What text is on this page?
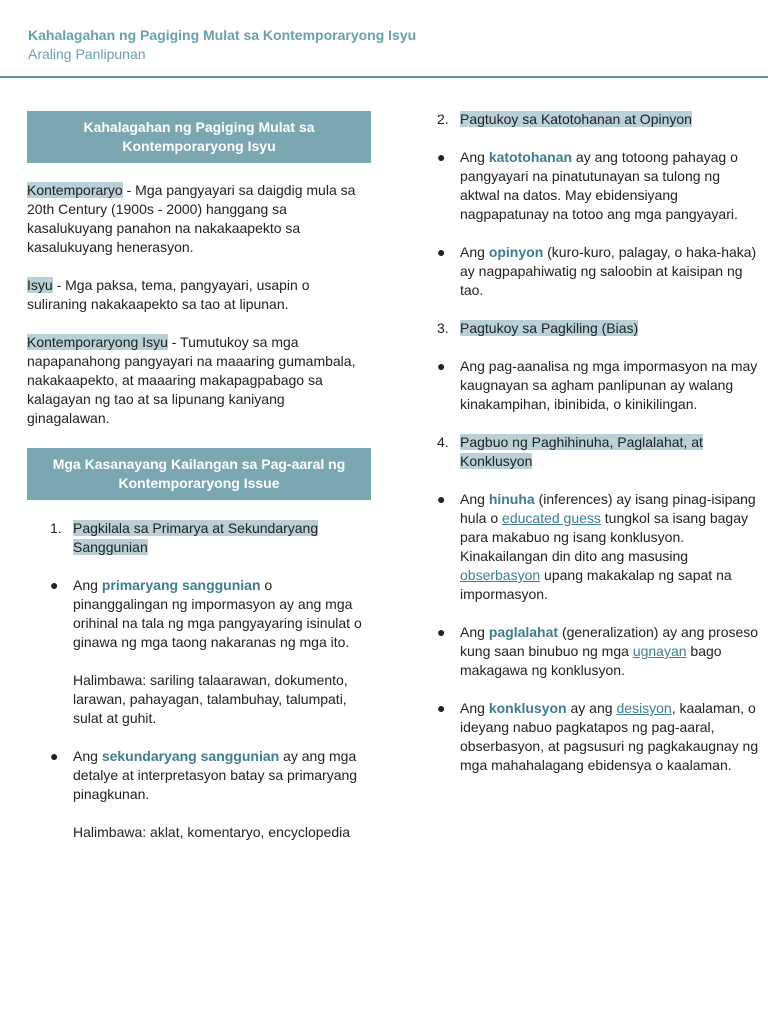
Kahalagahan ng Pagiging Mulat sa Kontemporaryong Isyu
Araling Panlipunan
Kahalagahan ng Pagiging Mulat sa
Kontemporaryong Isyu

Kontemporaryo - Mga pangyayari sa daigdig mula sa 20th Century (1900s - 2000) hanggang sa kasalukuyang panahon na nakakaapekto sa kasalukuyang henerasyon.

Isyu - Mga paksa, tema, pangyayari, usapin o suliraning nakakaapekto sa tao at lipunan.

Kontemporaryong Isyu - Tumutukoy sa mga napapanahong pangyayari na maaaring gumambala, nakakaapekto, at maaaring makapagpabago sa kalagayan ng tao at sa lipunang kaniyang ginagalawan.

Mga Kasanayang Kailangan sa Pag-aaral ng
Kontemporaryong Issue
1. Pagkilala sa Primarya at Sekundaryang Sanggunian
● Ang primaryang sanggunian o pinanggalingan ng impormasyon ay ang mga orihinal na tala ng mga pangyayaring isinulat o ginawa ng mga taong nakaranas ng mga ito.
Halimbawa: sariling talaarawan, dokumento, larawan, pahayagan, talambuhay, talumpati, sulat at guhit.
● Ang sekundaryang sanggunian ay ang mga detalye at interpretasyon batay sa primaryang pinagkunan.
Halimbawa: aklat, komentaryo, encyclopedia
2. Pagtukoy sa Katotohanan at Opinyon
● Ang katotohanan ay ang totoong pahayag o pangyayari na pinatutunayan sa tulong ng aktwal na datos. May ebidensiyang nagpapatunay na totoo ang mga pangyayari.
● Ang opinyon (kuro-kuro, palagay, o haka-haka) ay nagpapahiwatig ng saloobin at kaisipan ng tao.
3. Pagtukoy sa Pagkiling (Bias)
● Ang pag-aanalisa ng mga impormasyon na may kaugnayan sa agham panlipunan ay walang kinakampihan, ibinibida, o kinikilingan.
4. Pagbuo ng Paghihinuha, Paglalahat, at Konklusyon
● Ang hinuha (inferences) ay isang pinag-isipang hula o educated guess tungkol sa isang bagay para makabuo ng isang konklusyon. Kinakailangan din dito ang masusing obserbasyon upang makakalap ng sapat na impormasyon.
● Ang paglalahat (generalization) ay ang proseso kung saan binubuo ng mga ugnayan bago makagawa ng konklusyon.
● Ang konklusyon ay ang desisyon, kaalaman, o ideyang nabuo pagkatapos ng pag-aaral, obserbasyon, at pagsusuri ng pagkakaugnay ng mga mahahalagang ebidensya o kaalaman.
